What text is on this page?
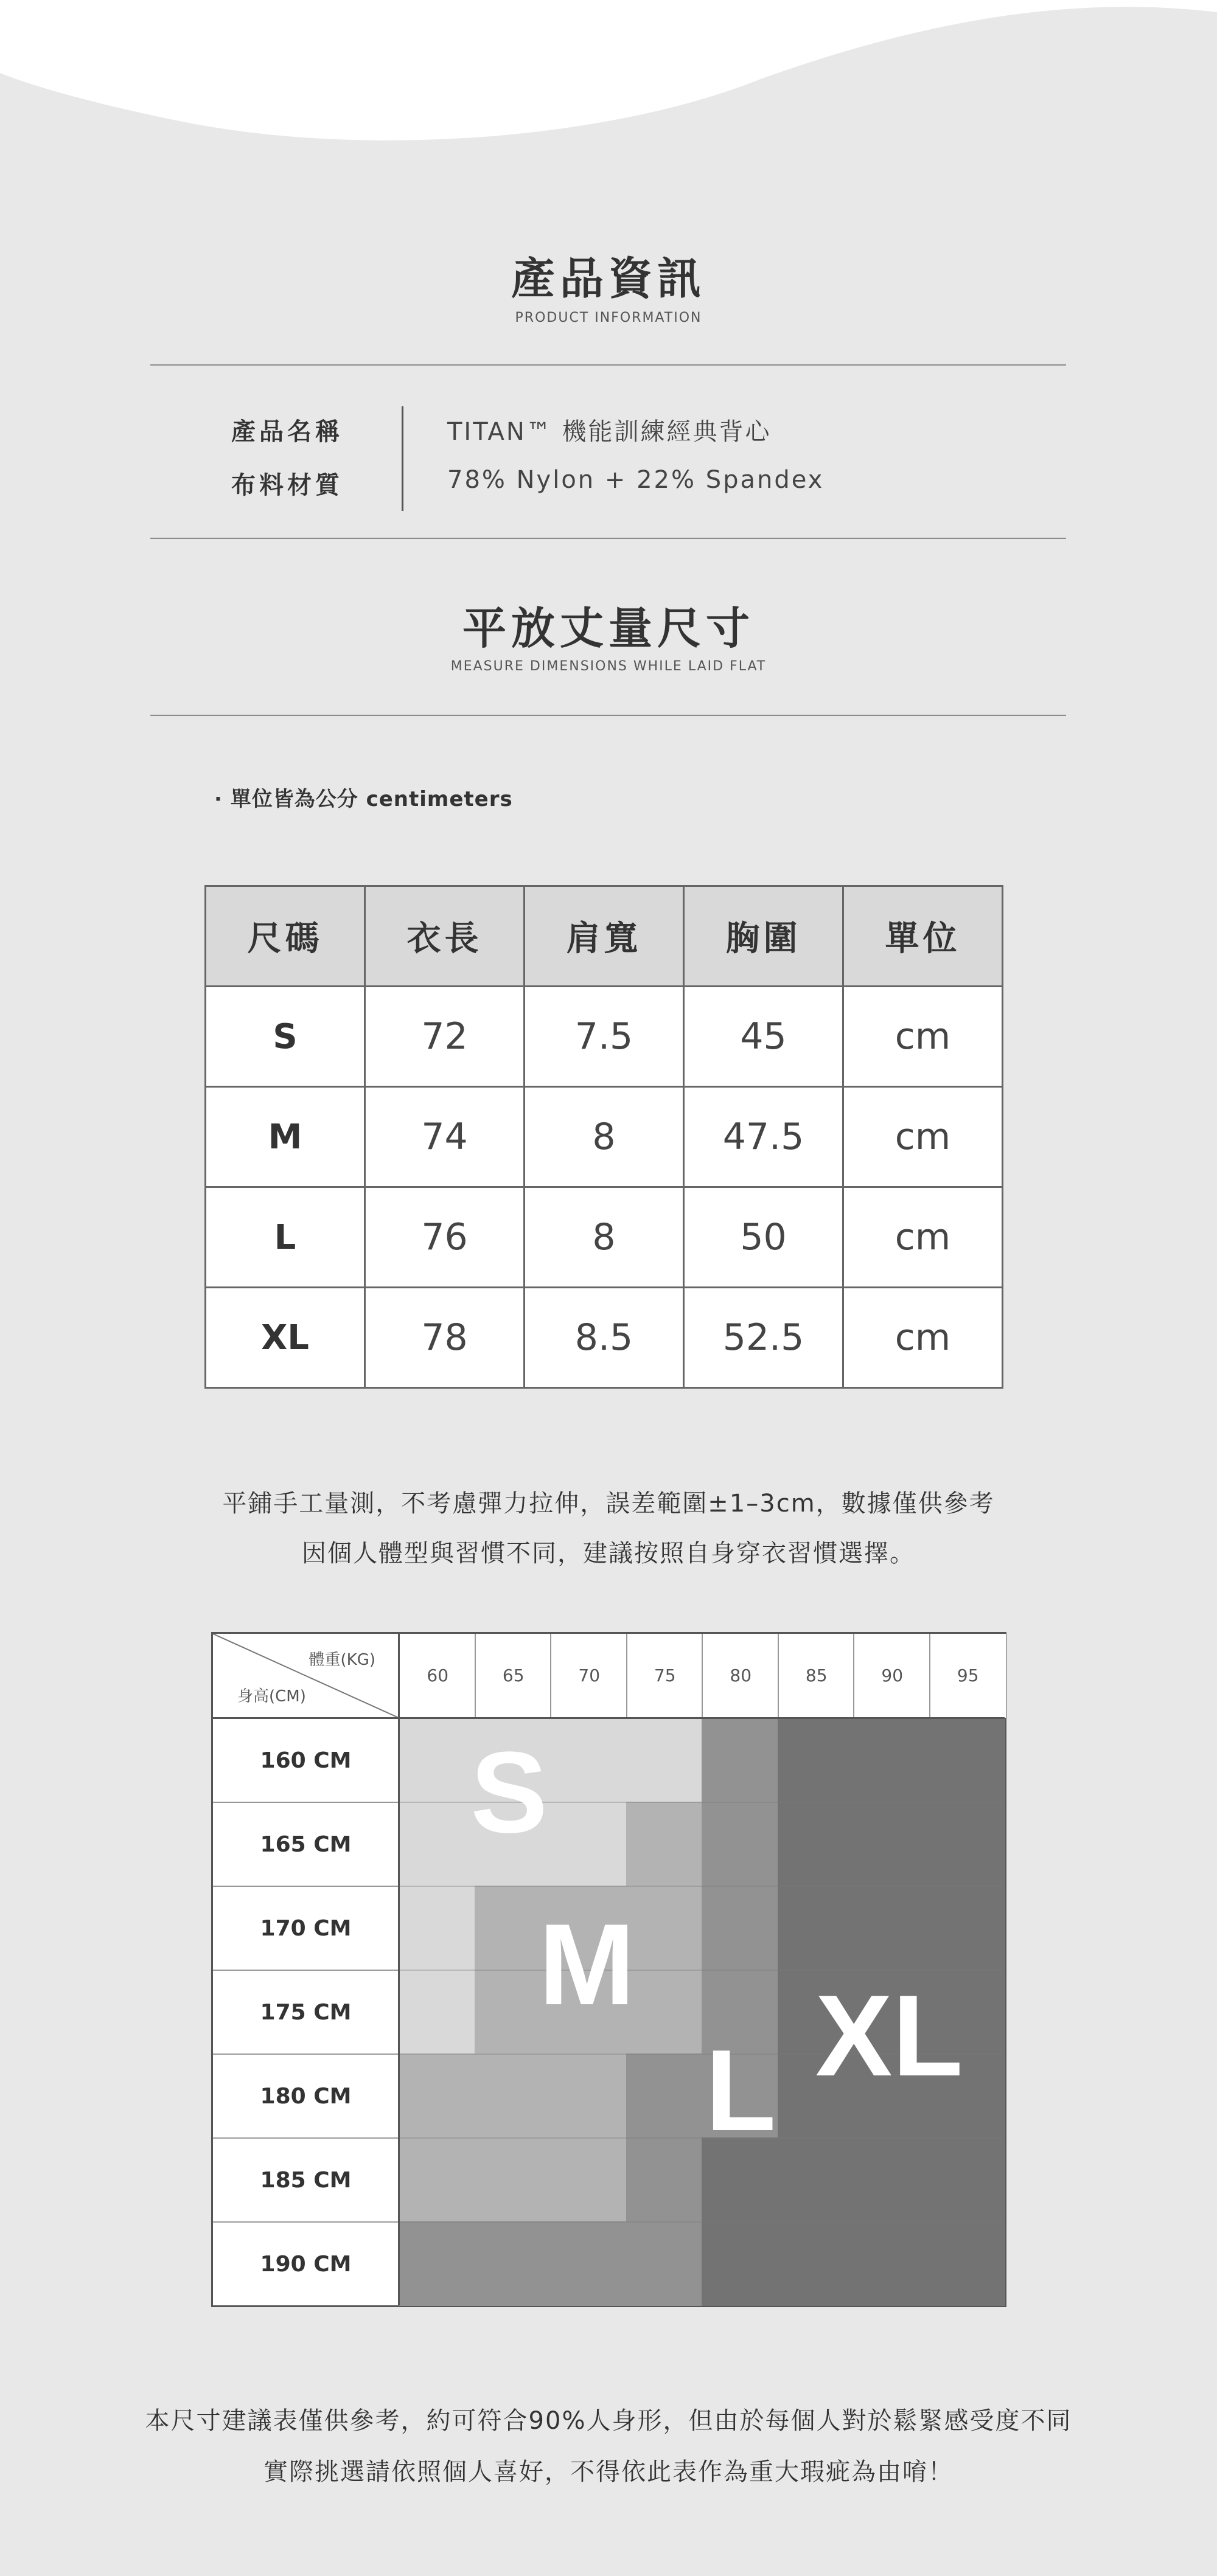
產品資訊
PRODUCT INFORMATION
產品名稱	TITAN™ 機能訓練經典背心
布料材質	78% Nylon + 22% Spandex
平放丈量尺寸
MEASURE DIMENSIONS WHILE LAID FLAT
· 單位皆為公分 centimeters
尺碼	衣長	肩寬	胸圍	單位
S	72	7.5	45	cm
M	74	8	47.5	cm
L	76	8	50	cm
XL	78	8.5	52.5	cm
平鋪手工量測，不考慮彈力拉伸，誤差範圍±1–3cm，數據僅供參考
因個人體型與習慣不同，建議按照自身穿衣習慣選擇。
體重(KG)
身高(CM)
60	65	70	75	80	85	90	95
160 CM
165 CM
170 CM
175 CM
180 CM
185 CM
190 CM
S
M
L XL
本尺寸建議表僅供參考，約可符合90%人身形，但由於每個人對於鬆緊感受度不同
實際挑選請依照個人喜好，不得依此表作為重大瑕疵為由唷！
